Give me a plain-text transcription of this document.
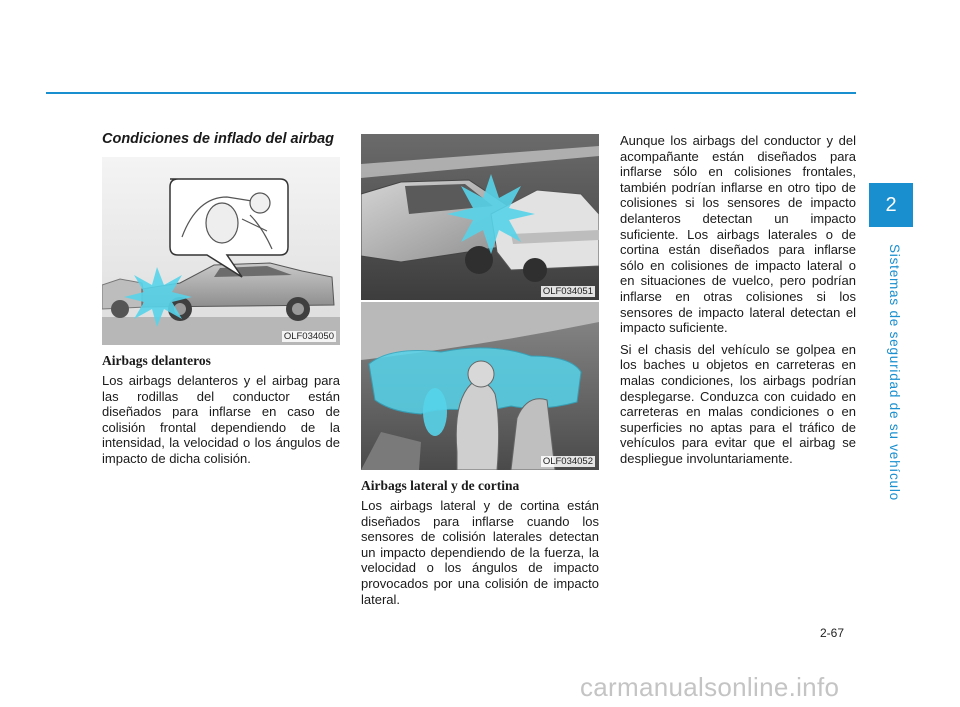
2
Sistemas de seguridad de su vehículo
Condiciones de inflado del airbag
OLF034050
Airbags delanteros

Los airbags delanteros y el airbag para las rodillas del conductor están diseñados para inflarse en caso de colisión frontal dependiendo de la intensidad, la velocidad o los ángulos de impacto de dicha colisión.

OLF034051
OLF034052
Airbags lateral y de cortina

Los airbags lateral y de cortina están diseñados para inflarse cuando los sensores de colisión laterales detectan un impacto dependiendo de la fuerza, la velocidad o los ángulos de impacto provocados por una colisión de impacto lateral.

Aunque los airbags del conductor y del acompañante están diseñados para inflarse sólo en colisiones frontales, también podrían inflarse en otro tipo de colisiones si los sensores de impacto delanteros detectan un impacto suficiente. Los airbags laterales o de cortina están diseñados para inflarse sólo en colisiones de impacto lateral o en situaciones de vuelco, pero podrían inflarse en otras colisiones si los sensores de impacto lateral detectan el impacto suficiente.

Si el chasis del vehículo se golpea en los baches u objetos en carreteras en malas condiciones, los airbags podrían desplegarse. Conduzca con cuidado en carreteras en malas condiciones o en superficies no aptas para el tráfico de vehículos para evitar que el airbag se despliegue involuntariamente.

2-67
carmanualsonline.info
